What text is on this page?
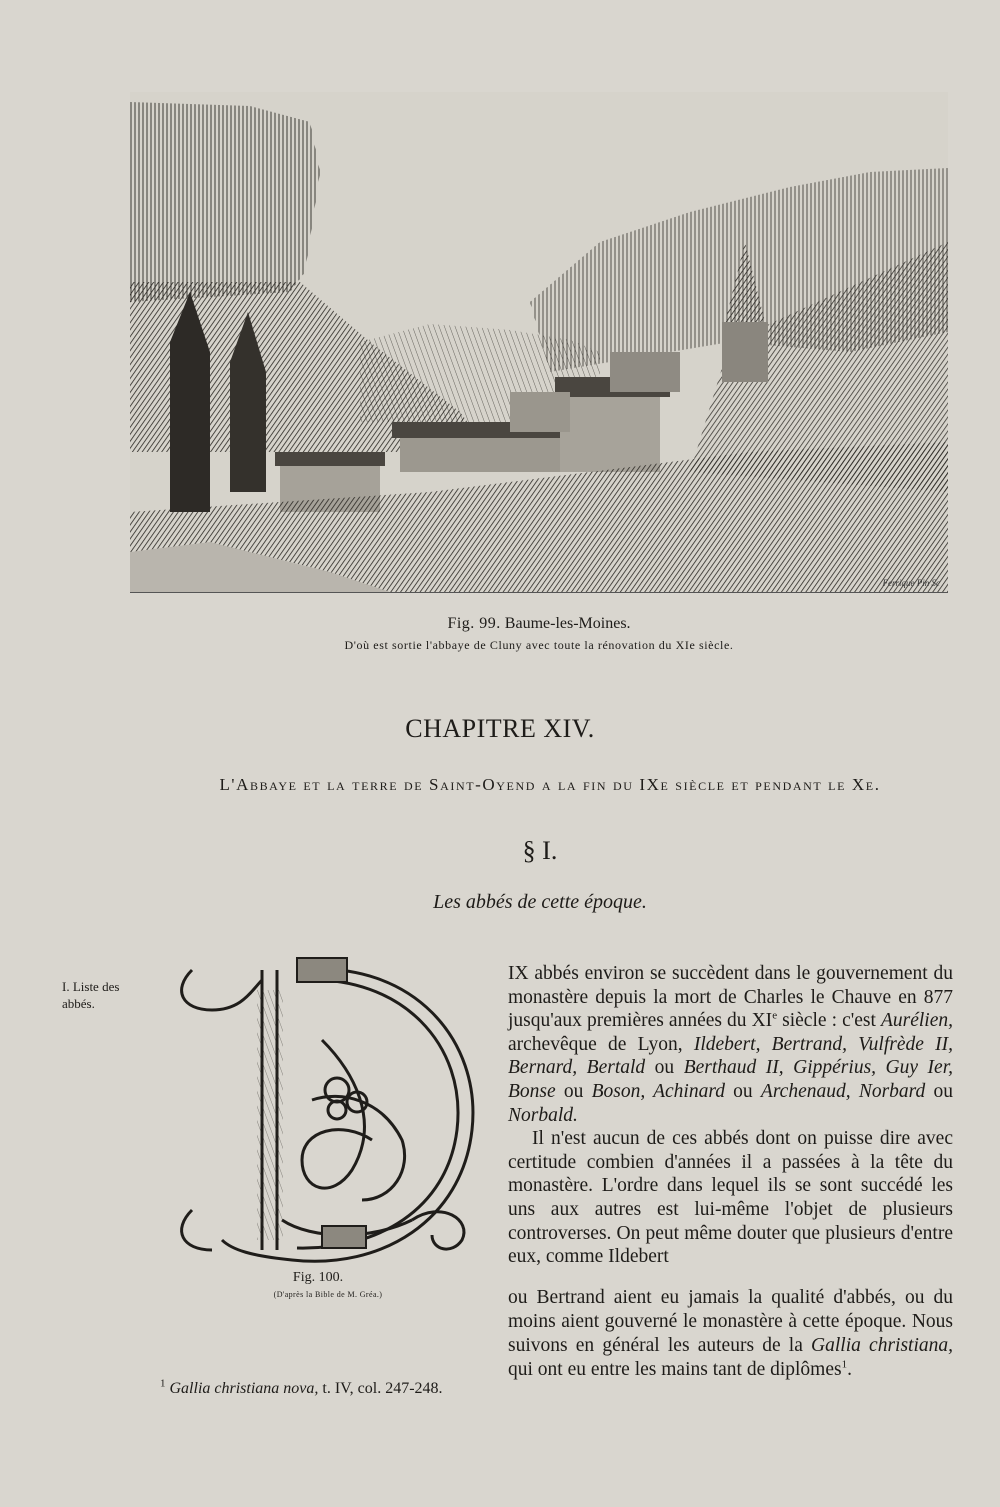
Ferrique Pin Sc
Fig. 99. Baume-les-Moines.
D'où est sortie l'abbaye de Cluny avec toute la rénovation du XIe siècle.
CHAPITRE XIV.
L'Abbaye et la terre de Saint-Oyend a la fin du IXe siècle et pendant le Xe.
§ I.
Les abbés de cette époque.
I. Liste des abbés.
Fig. 100.
(D'après la Bible de M. Gréa.)

IX abbés environ se succèdent dans le gouvernement du monastère depuis la mort de Charles le Chauve en 877 jusqu'aux premières années du XIe siècle : c'est Aurélien, archevêque de Lyon, Ildebert, Bertrand, Vulfrède II, Bernard, Bertald ou Berthaud II, Gippérius, Guy Ier, Bonse ou Boson, Achinard ou Archenaud, Norbard ou Norbald.

Il n'est aucun de ces abbés dont on puisse dire avec certitude combien d'années il a passées à la tête du monastère. L'ordre dans lequel ils se sont succédé les uns aux autres est lui-même l'objet de plusieurs controverses. On peut même douter que plusieurs d'entre eux, comme Ildebert

ou Bertrand aient eu jamais la qualité d'abbés, ou du moins aient gouverné le monastère à cette époque. Nous suivons en général les auteurs de la Gallia christiana, qui ont eu entre les mains tant de diplômes$^1$.

$^1$ Gallia christiana nova, t. IV, col. 247-248.
